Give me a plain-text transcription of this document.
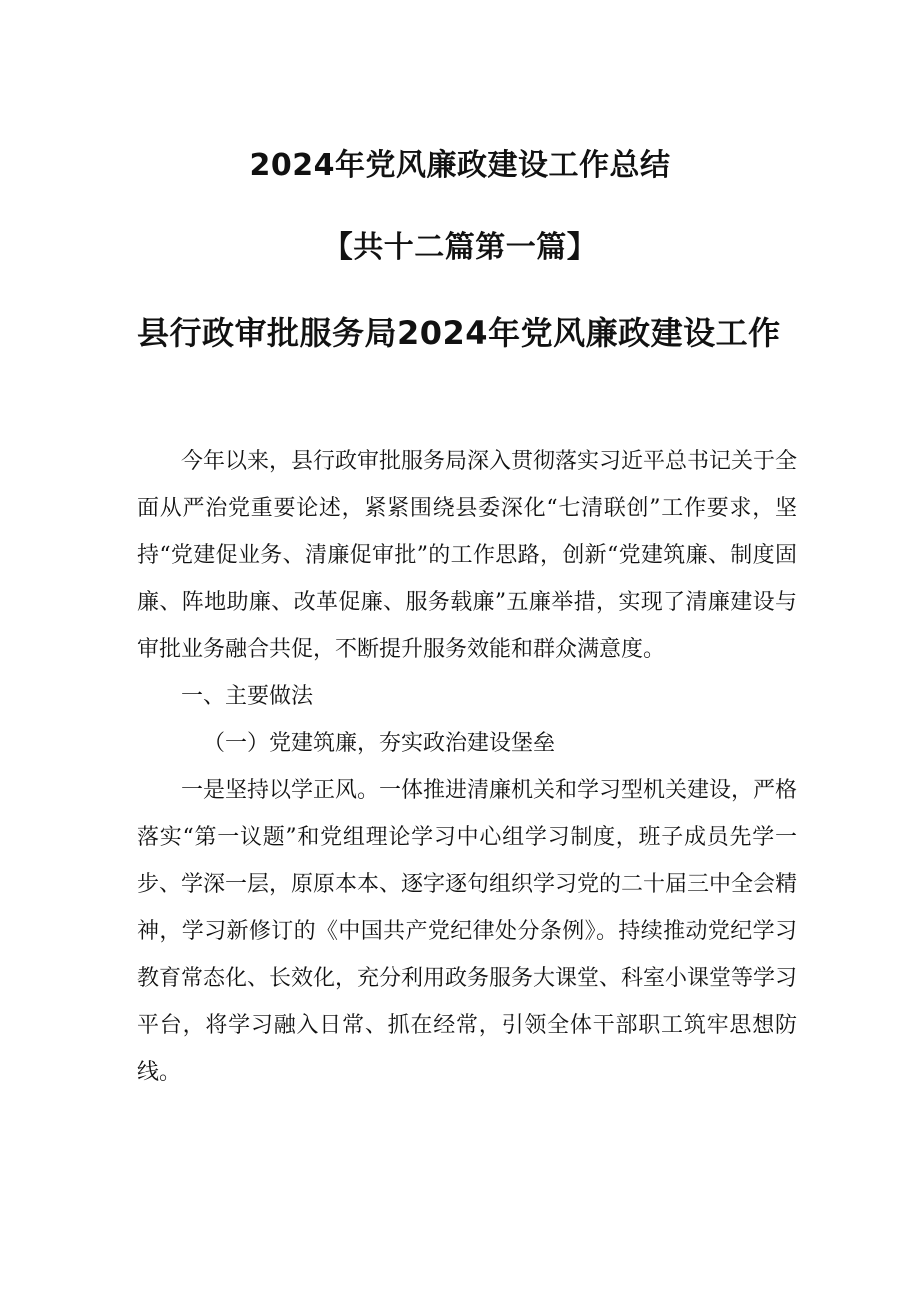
2024年党风廉政建设工作总结
【共十二篇第一篇】
县行政审批服务局2024年党风廉政建设工作

今年以来，县行政审批服务局深入贯彻落实习近平总书记关于全面从严治党重要论述，紧紧围绕县委深化“七清联创”工作要求，坚持“党建促业务、清廉促审批”的工作思路，创新“党建筑廉、制度固廉、阵地助廉、改革促廉、服务载廉”五廉举措，实现了清廉建设与审批业务融合共促，不断提升服务效能和群众满意度。

一、主要做法

（一）党建筑廉，夯实政治建设堡垒

一是坚持以学正风。一体推进清廉机关和学习型机关建设，严格落实“第一议题”和党组理论学习中心组学习制度，班子成员先学一步、学深一层，原原本本、逐字逐句组织学习党的二十届三中全会精神，学习新修订的《中国共产党纪律处分条例》。持续推动党纪学习教育常态化、长效化，充分利用政务服务大课堂、科室小课堂等学习平台，将学习融入日常、抓在经常，引领全体干部职工筑牢思想防线。
